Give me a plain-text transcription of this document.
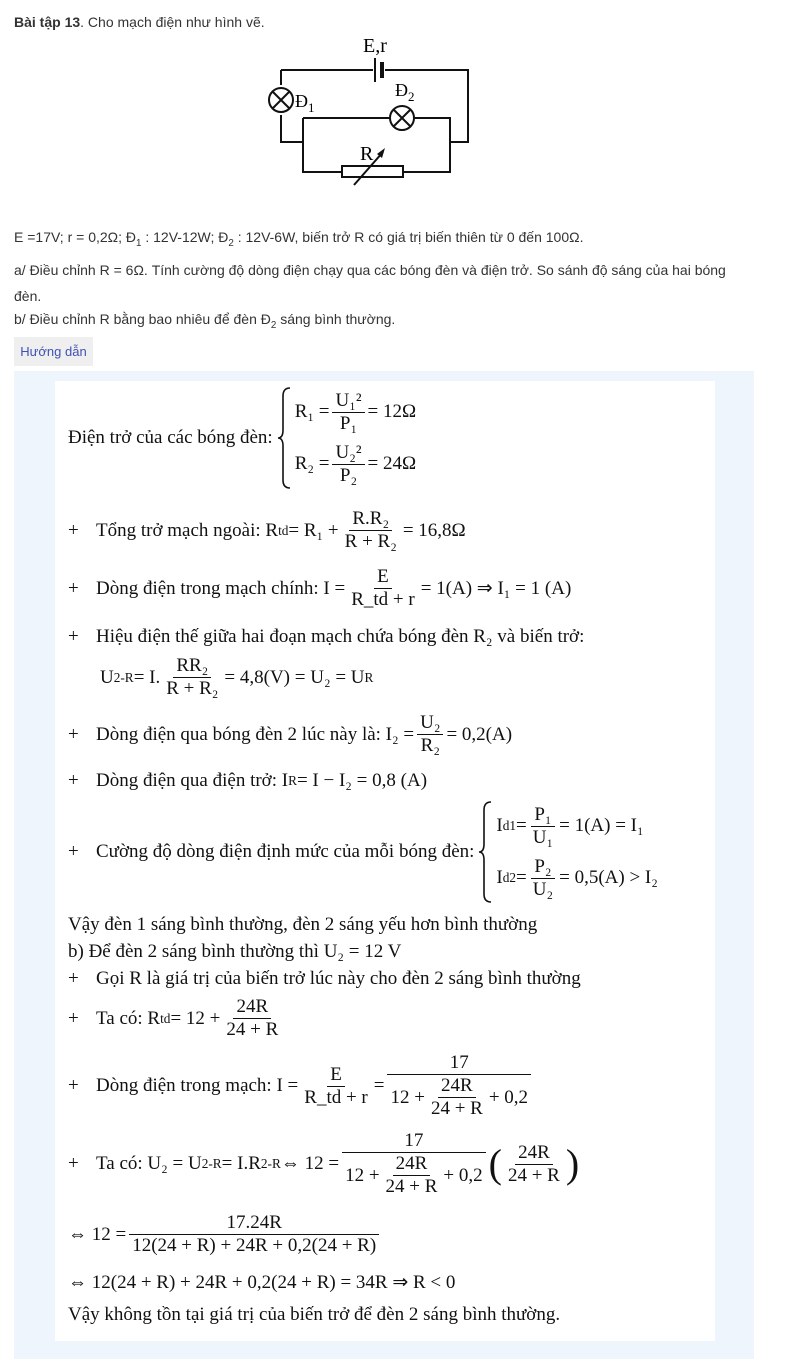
Bài tập 13. Cho mạch điện như hình vẽ.
E,r
$Đ_1$
$Đ_2$
R
E =17V; r = 0,2Ω; $Đ_1$ : 12V-12W; $Đ_2$ : 12V-6W, biến trở R có giá trị biến thiên từ 0 đến 100Ω.
a/ Điều chỉnh R = 6Ω. Tính cường độ dòng điện chạy qua các bóng đèn và điện trở. So sánh độ sáng của hai bóng đèn.
b/ Điều chỉnh R bằng bao nhiêu để đèn $Đ_2$ sáng bình thường.
Hướng dẫn
Điện trở của các bóng đèn:
$R_1 = \frac{\text{U₁²}}{\text{P₁}} = 12\Omega$
$R_2 = \frac{\text{U₂²}}{\text{P₂}} = 24\Omega$
+ Tổng trở mạch ngoài: R td = $R_1 + \frac{\text{R.R₂}}{\text{R + R₂}} = 16,8\Omega$
+ Dòng điện trong mạch chính: $I = \frac{E}{R\_td + r} = 1(A)$ ⇒ I₁ = 1 (A)
+ Hiệu điện thế giữa hai đoạn mạch chứa bóng đèn R₂ và biến trở:
U 2-R = I. $\frac{\text{RR₂}}{\text{R + R₂}} = 4,8(V) = U_2 = U$ R
+ Dòng điện qua bóng đèn 2 lúc này là: $I_2 = \frac{\text{U₂}}{\text{R₂}} = 0,2(A)$
+ Dòng điện qua điện trở: I R = I − I₂ = 0,8 (A)
+ Cường độ dòng điện định mức của mỗi bóng đèn:
I $d1 = \frac{\text{P₁}}{\text{U₁}} = 1(A) = I_1$
I $d2 = \frac{\text{P₂}}{\text{U₂}} = 0,5(A) > I_2$
Vậy đèn 1 sáng bình thường, đèn 2 sáng yếu hơn bình thường
b) Để đèn 2 sáng bình thường thì U₂ = 12 V
+ Gọi R là giá trị của biến trở lúc này cho đèn 2 sáng bình thường
+ Ta có: R td = $12 + \frac{24R}{24 + R}$
+ Dòng điện trong mạch: $I = \frac{E}{R\_td + r} = \frac{17}{12 + \frac{24R}{24 + R} + 0,2}$
+ Ta có: U₂ = U 2-R = I.R 2-R ⇔ $12 = \frac{17}{12 + \frac{24R}{24 + R} + 0,2}$ ( 24R
24 + R )
⇔ $12 = \frac{17.24R}{12(24 + R) + 24R + 0,2(24 + R)}$
⇔ 12(24 + R) + 24R + 0,2(24 + R) = 34R ⇒ R < 0
Vậy không tồn tại giá trị của biến trở để đèn 2 sáng bình thường.
